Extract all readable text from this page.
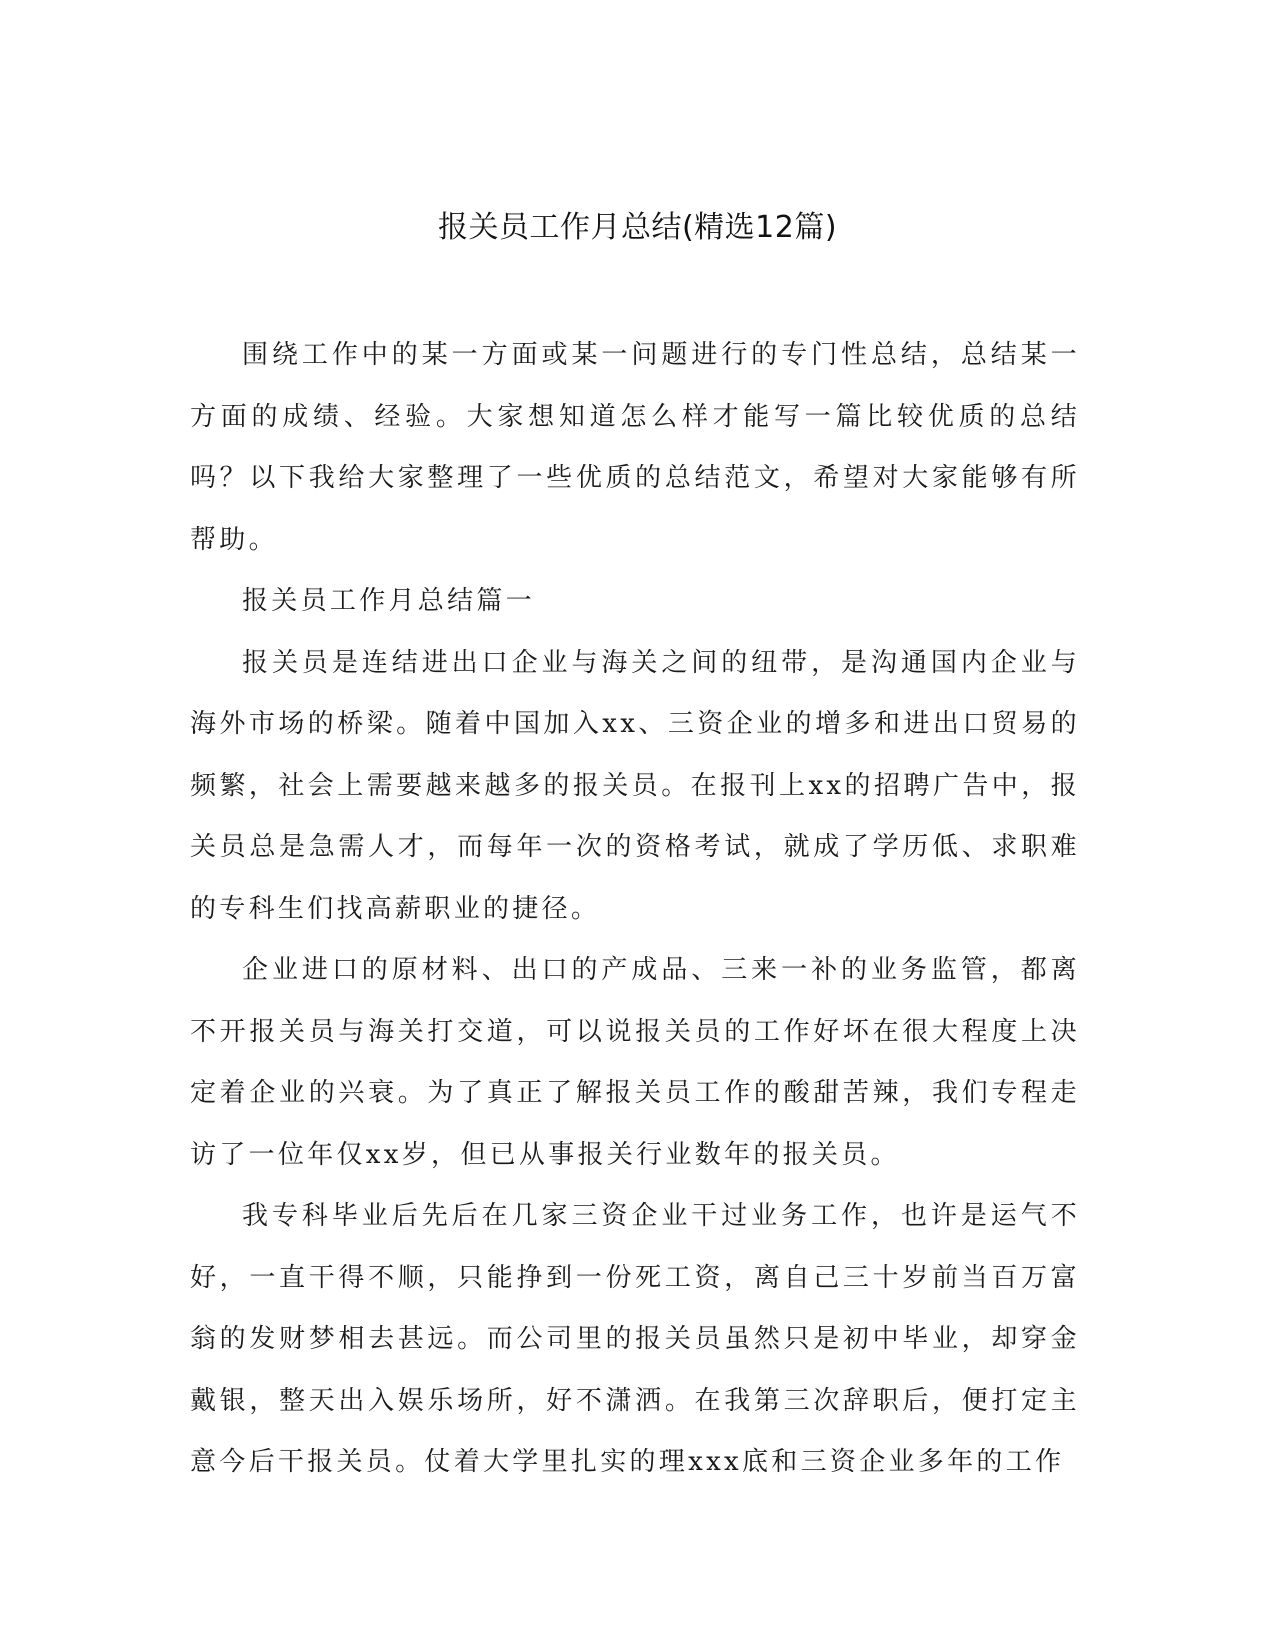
报关员工作月总结(精选12篇)

围绕工作中的某一方面或某一问题进行的专门性总结，总结某一方面的成绩、经验。大家想知道怎么样才能写一篇比较优质的总结吗？以下我给大家整理了一些优质的总结范文，希望对大家能够有所帮助。

报关员工作月总结篇一

报关员是连结进出口企业与海关之间的纽带，是沟通国内企业与海外市场的桥梁。随着中国加入xx、三资企业的增多和进出口贸易的频繁，社会上需要越来越多的报关员。在报刊上xx的招聘广告中，报关员总是急需人才，而每年一次的资格考试，就成了学历低、求职难的专科生们找高薪职业的捷径。

企业进口的原材料、出口的产成品、三来一补的业务监管，都离不开报关员与海关打交道，可以说报关员的工作好坏在很大程度上决定着企业的兴衰。为了真正了解报关员工作的酸甜苦辣，我们专程走访了一位年仅xx岁，但已从事报关行业数年的报关员。

我专科毕业后先后在几家三资企业干过业务工作，也许是运气不好，一直干得不顺，只能挣到一份死工资，离自己三十岁前当百万富翁的发财梦相去甚远。而公司里的报关员虽然只是初中毕业，却穿金戴银，整天出入娱乐场所，好不潇洒。在我第三次辞职后，便打定主意今后干报关员。仗着大学里扎实的理xxx底和三资企业多年的工作
